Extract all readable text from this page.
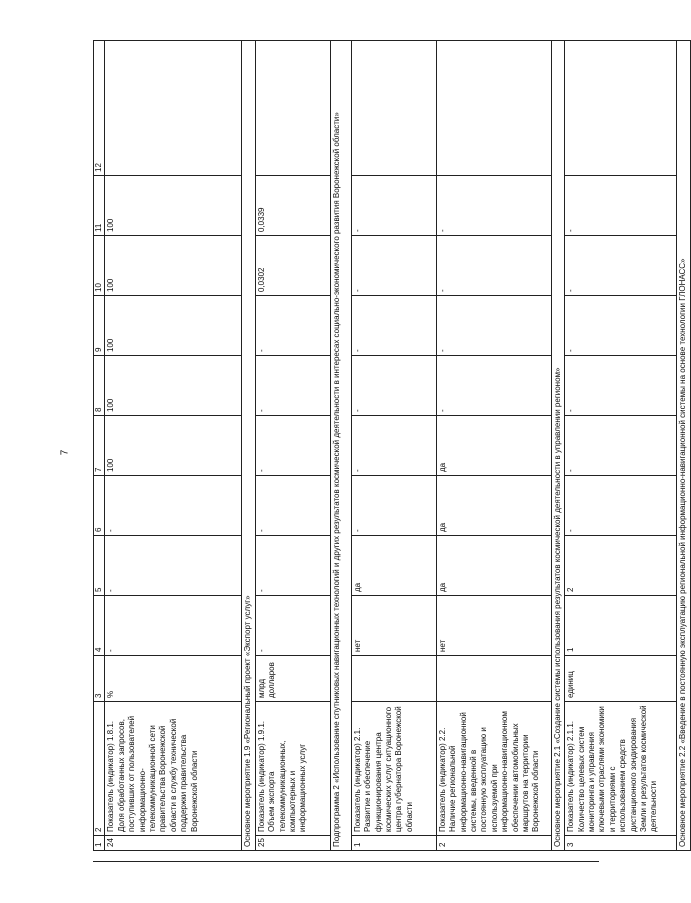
7
1	2	3	4	5	6	7	8	9	10	11	12
24	Показатель (индикатор) 1.8.1. Доля обработанных запросов, поступивших от пользователей информационно-телекоммуникационной сети правительства Воронежской области в службу технической поддержки правительства Воронежской области	%	-	-	-	100	100	100	100	100	
Основное мероприятие 1.9 «Региональный проект «Экспорт услуг»											
25	Показатель (индикатор) 1.9.1. Объем экспорта телекоммуникационных, компьютерных и информационных услуг	млрд долларов	-	-	-	-	-	-	0,0302	0,0339	
Подпрограмма 2 «Использование спутниковых навигационных технологий и других результатов космической деятельности в интересах социально-экономического развития Воронежской области»											
1	Показатель (индикатор) 2.1. Развитие и обеспечение функционирования центра космических услуг ситуационного центра губернатора Воронежской области		нет	да	-	-	-	-	-	-	
2	Показатель (индикатор) 2.2. Наличие региональной информационно-навигационной системы, введенной в постоянную эксплуатацию и используемой при информационно-навигационном обеспечении автомобильных маршрутов на территории Воронежской области		нет	да	да	да	-	-	-	-	
Основное мероприятие 2.1 «Создание системы использования результатов космической деятельности в управлении регионом»											
3	Показатель (индикатор) 2.1.1. Количество целевых систем мониторинга и управления ключевыми отраслями экономики и территориями с использованием средств дистанционного зондирования Земли и результатов космической деятельности	единиц	1	2	-	-	-	-	-	-	
Основное мероприятие 2.2 «Введение в постоянную эксплуатацию региональной информационно-навигационной системы на основе технологии ГЛОНАСС»											
